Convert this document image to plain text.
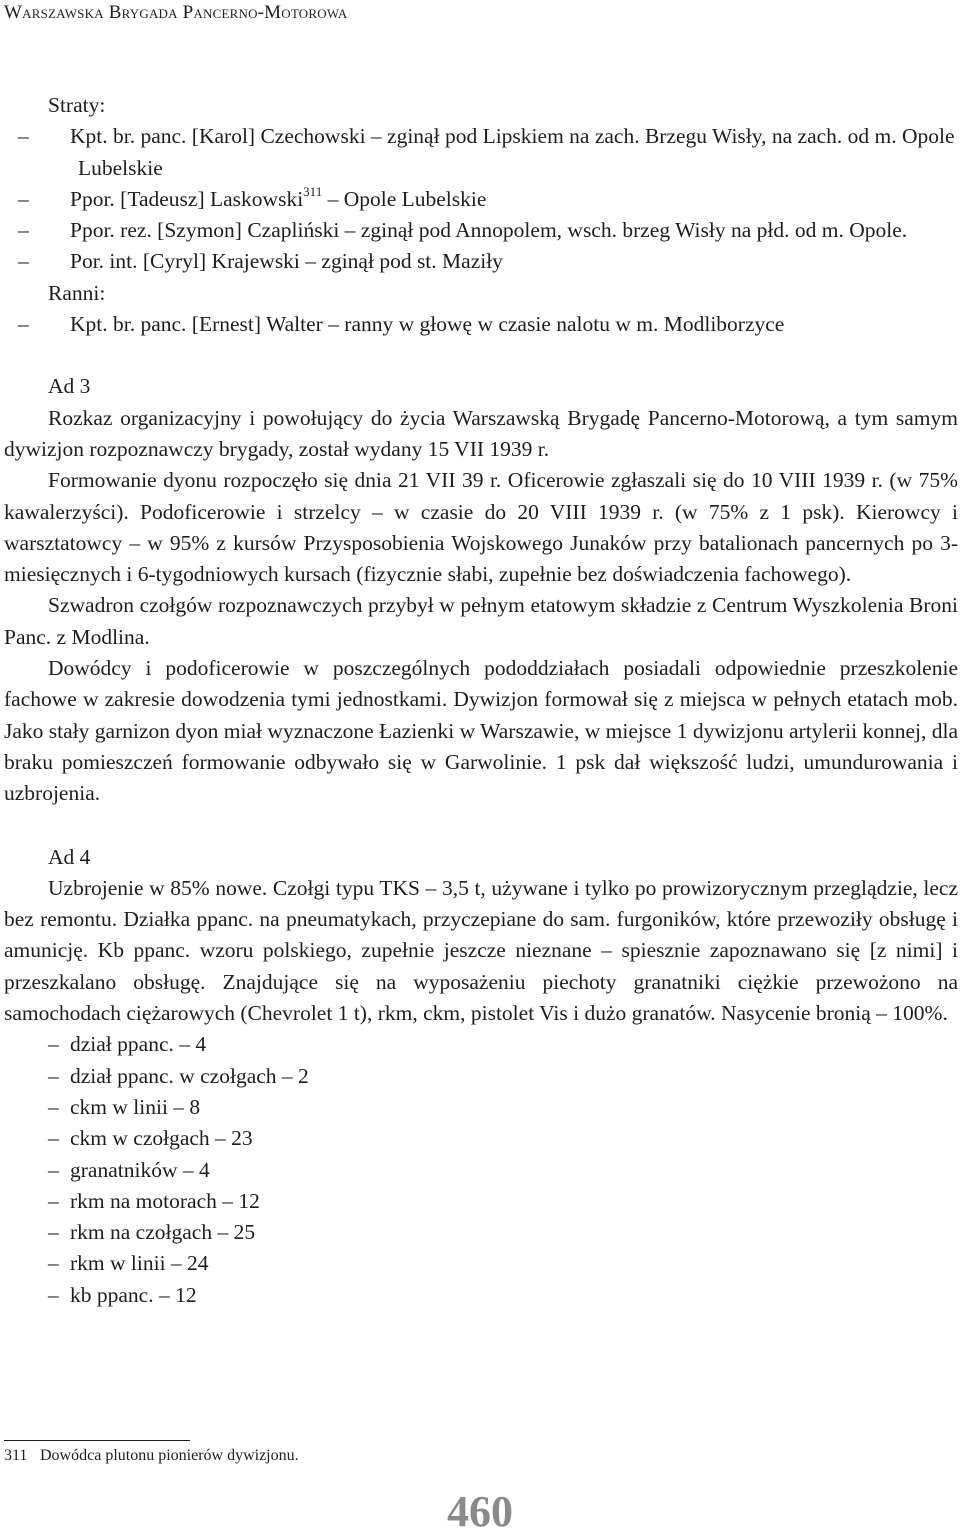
Warszawska Brygada Pancerno-Motorowa

Straty:

– Kpt. br. panc. [Karol] Czechowski – zginął pod Lipskiem na zach. Brzegu Wisły, na zach. od m. Opole Lubelskie

– Ppor. [Tadeusz] Laskowski$^{311}$ – Opole Lubelskie

– Ppor. rez. [Szymon] Czapliński – zginął pod Annopolem, wsch. brzeg Wisły na płd. od m. Opole.

– Por. int. [Cyryl] Krajewski – zginął pod st. Maziły

Ranni:

– Kpt. br. panc. [Ernest] Walter – ranny w głowę w czasie nalotu w m. Modliborzyce

Ad 3

Rozkaz organizacyjny i powołujący do życia Warszawską Brygadę Pancerno-Motorową, a tym samym dywizjon rozpoznawczy brygady, został wydany 15 VII 1939 r.

Formowanie dyonu rozpoczęło się dnia 21 VII 39 r. Oficerowie zgłaszali się do 10 VIII 1939 r. (w 75% kawalerzyści). Podoficerowie i strzelcy – w czasie do 20 VIII 1939 r. (w 75% z 1 psk). Kierowcy i warsztatowcy – w 95% z kursów Przysposobienia Wojskowego Junaków przy batalionach pancernych po 3-miesięcznych i 6-tygodniowych kursach (fizycznie słabi, zupełnie bez doświadczenia fachowego).

Szwadron czołgów rozpoznawczych przybył w pełnym etatowym składzie z Centrum Wyszkolenia Broni Panc. z Modlina.

Dowódcy i podoficerowie w poszczególnych pododdziałach posiadali odpowiednie przeszkolenie fachowe w zakresie dowodzenia tymi jednostkami. Dywizjon formował się z miejsca w pełnych etatach mob. Jako stały garnizon dyon miał wyznaczone Łazienki w Warszawie, w miejsce 1 dywizjonu artylerii konnej, dla braku pomieszczeń formowanie odbywało się w Garwolinie. 1 psk dał większość ludzi, umundurowania i uzbrojenia.

Ad 4

Uzbrojenie w 85% nowe. Czołgi typu TKS – 3,5 t, używane i tylko po prowizorycznym przeglądzie, lecz bez remontu. Działka ppanc. na pneumatykach, przyczepiane do sam. furgoników, które przewoziły obsługę i amunicję. Kb ppanc. wzoru polskiego, zupełnie jeszcze nieznane – spiesznie zapoznawano się [z nimi] i przeszkalano obsługę. Znajdujące się na wyposażeniu piechoty granatniki ciężkie przewożono na samochodach ciężarowych (Chevrolet 1 t), rkm, ckm, pistolet Vis i dużo granatów. Nasycenie bronią – 100%.

– dział ppanc. – 4

– dział ppanc. w czołgach – 2

– ckm w linii – 8

– ckm w czołgach – 23

– granatników – 4

– rkm na motorach – 12

– rkm na czołgach – 25

– rkm w linii – 24

– kb ppanc. – 12

311 Dowódca plutonu pionierów dywizjonu.
460
